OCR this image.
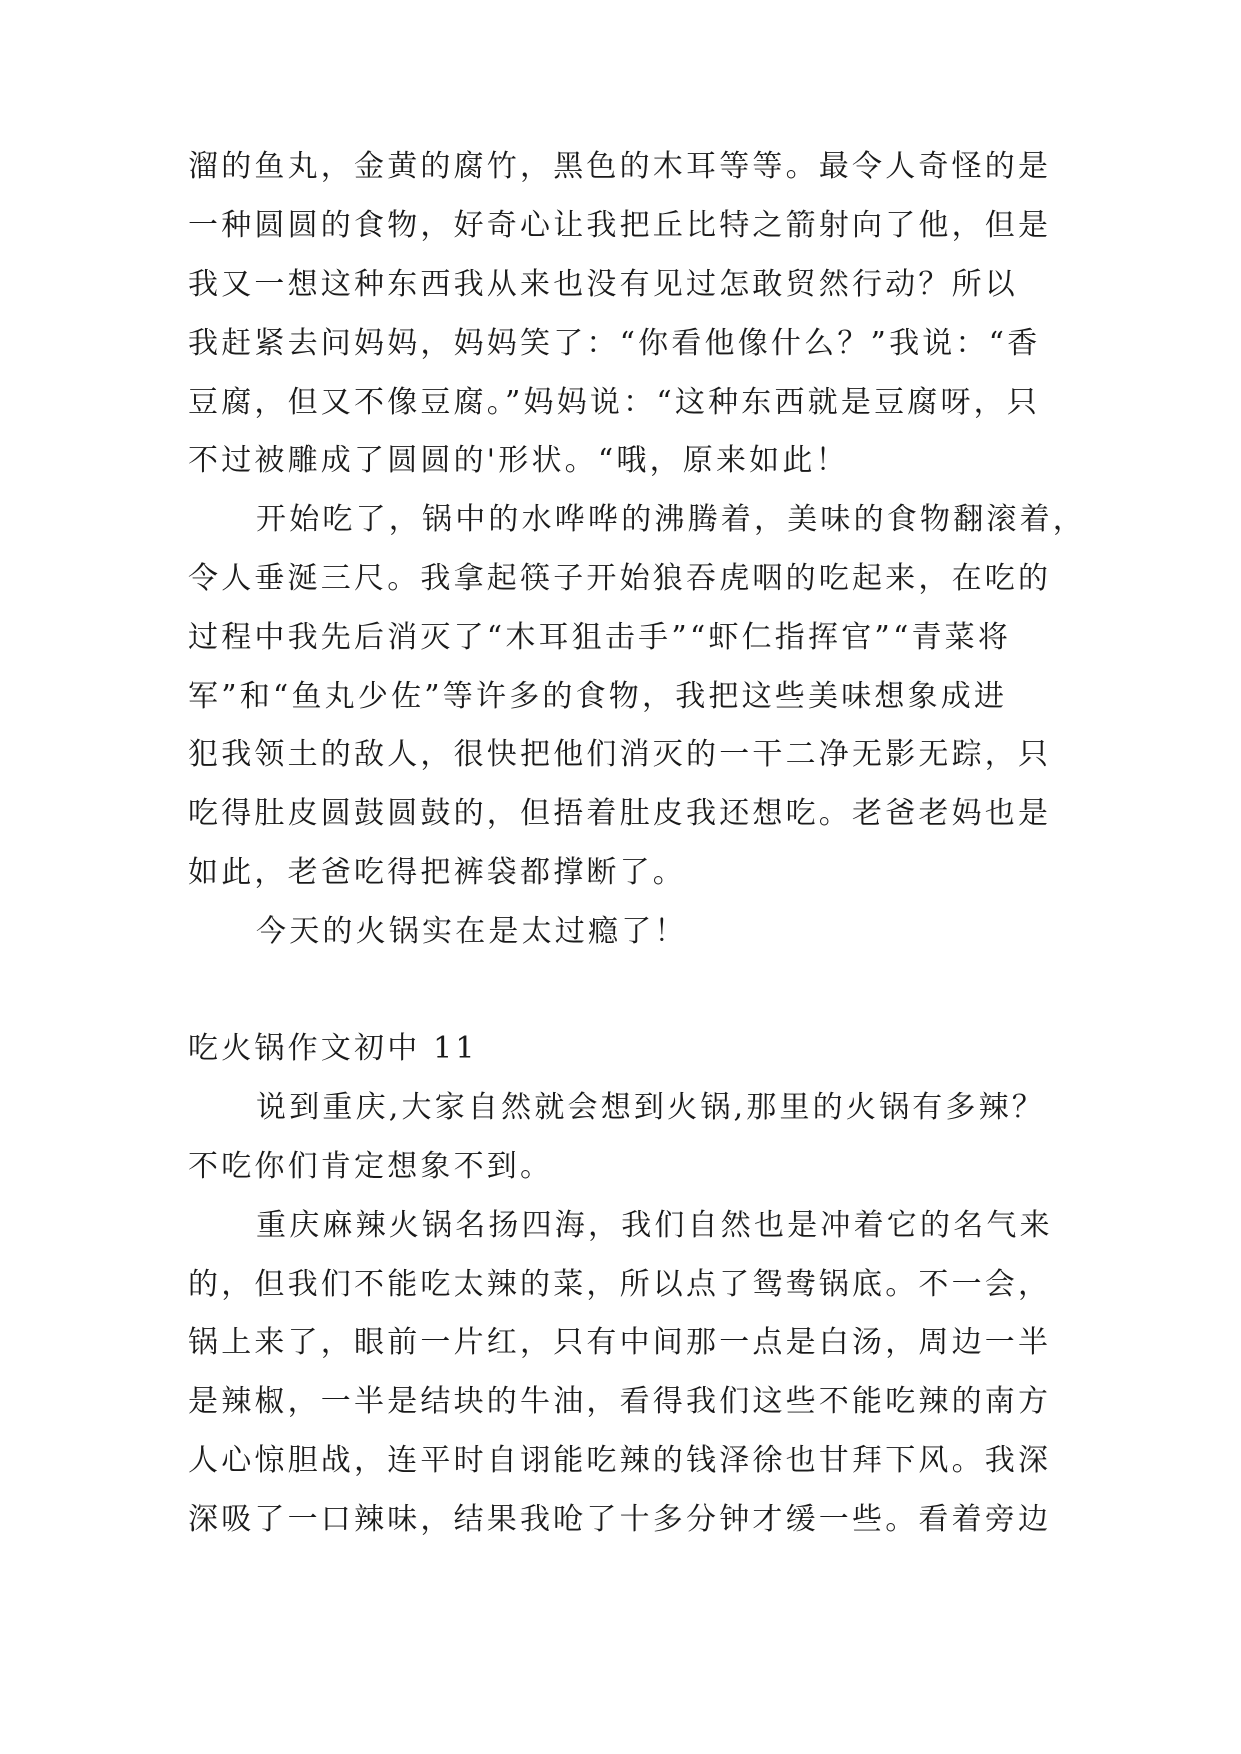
溜的鱼丸，金黄的腐竹，黑色的木耳等等。最令人奇怪的是
一种圆圆的食物，好奇心让我把丘比特之箭射向了他，但是
我又一想这种东西我从来也没有见过怎敢贸然行动？所以
我赶紧去问妈妈，妈妈笑了：“你看他像什么？”我说：“香
豆腐，但又不像豆腐。”妈妈说：“这种东西就是豆腐呀，只
不过被雕成了圆圆的'形状。“哦，原来如此！
开始吃了，锅中的水哗哗的沸腾着，美味的食物翻滚着，
令人垂涎三尺。我拿起筷子开始狼吞虎咽的吃起来，在吃的
过程中我先后消灭了“木耳狙击手”“虾仁指挥官”“青菜将
军”和“鱼丸少佐”等许多的食物，我把这些美味想象成进
犯我领土的敌人，很快把他们消灭的一干二净无影无踪，只
吃得肚皮圆鼓圆鼓的，但捂着肚皮我还想吃。老爸老妈也是
如此，老爸吃得把裤袋都撑断了。
今天的火锅实在是太过瘾了！
吃火锅作文初中 11
说到重庆,大家自然就会想到火锅,那里的火锅有多辣？
不吃你们肯定想象不到。
重庆麻辣火锅名扬四海，我们自然也是冲着它的名气来
的，但我们不能吃太辣的菜，所以点了鸳鸯锅底。不一会，
锅上来了，眼前一片红，只有中间那一点是白汤，周边一半
是辣椒，一半是结块的牛油，看得我们这些不能吃辣的南方
人心惊胆战，连平时自诩能吃辣的钱泽徐也甘拜下风。我深
深吸了一口辣味，结果我呛了十多分钟才缓一些。看着旁边
